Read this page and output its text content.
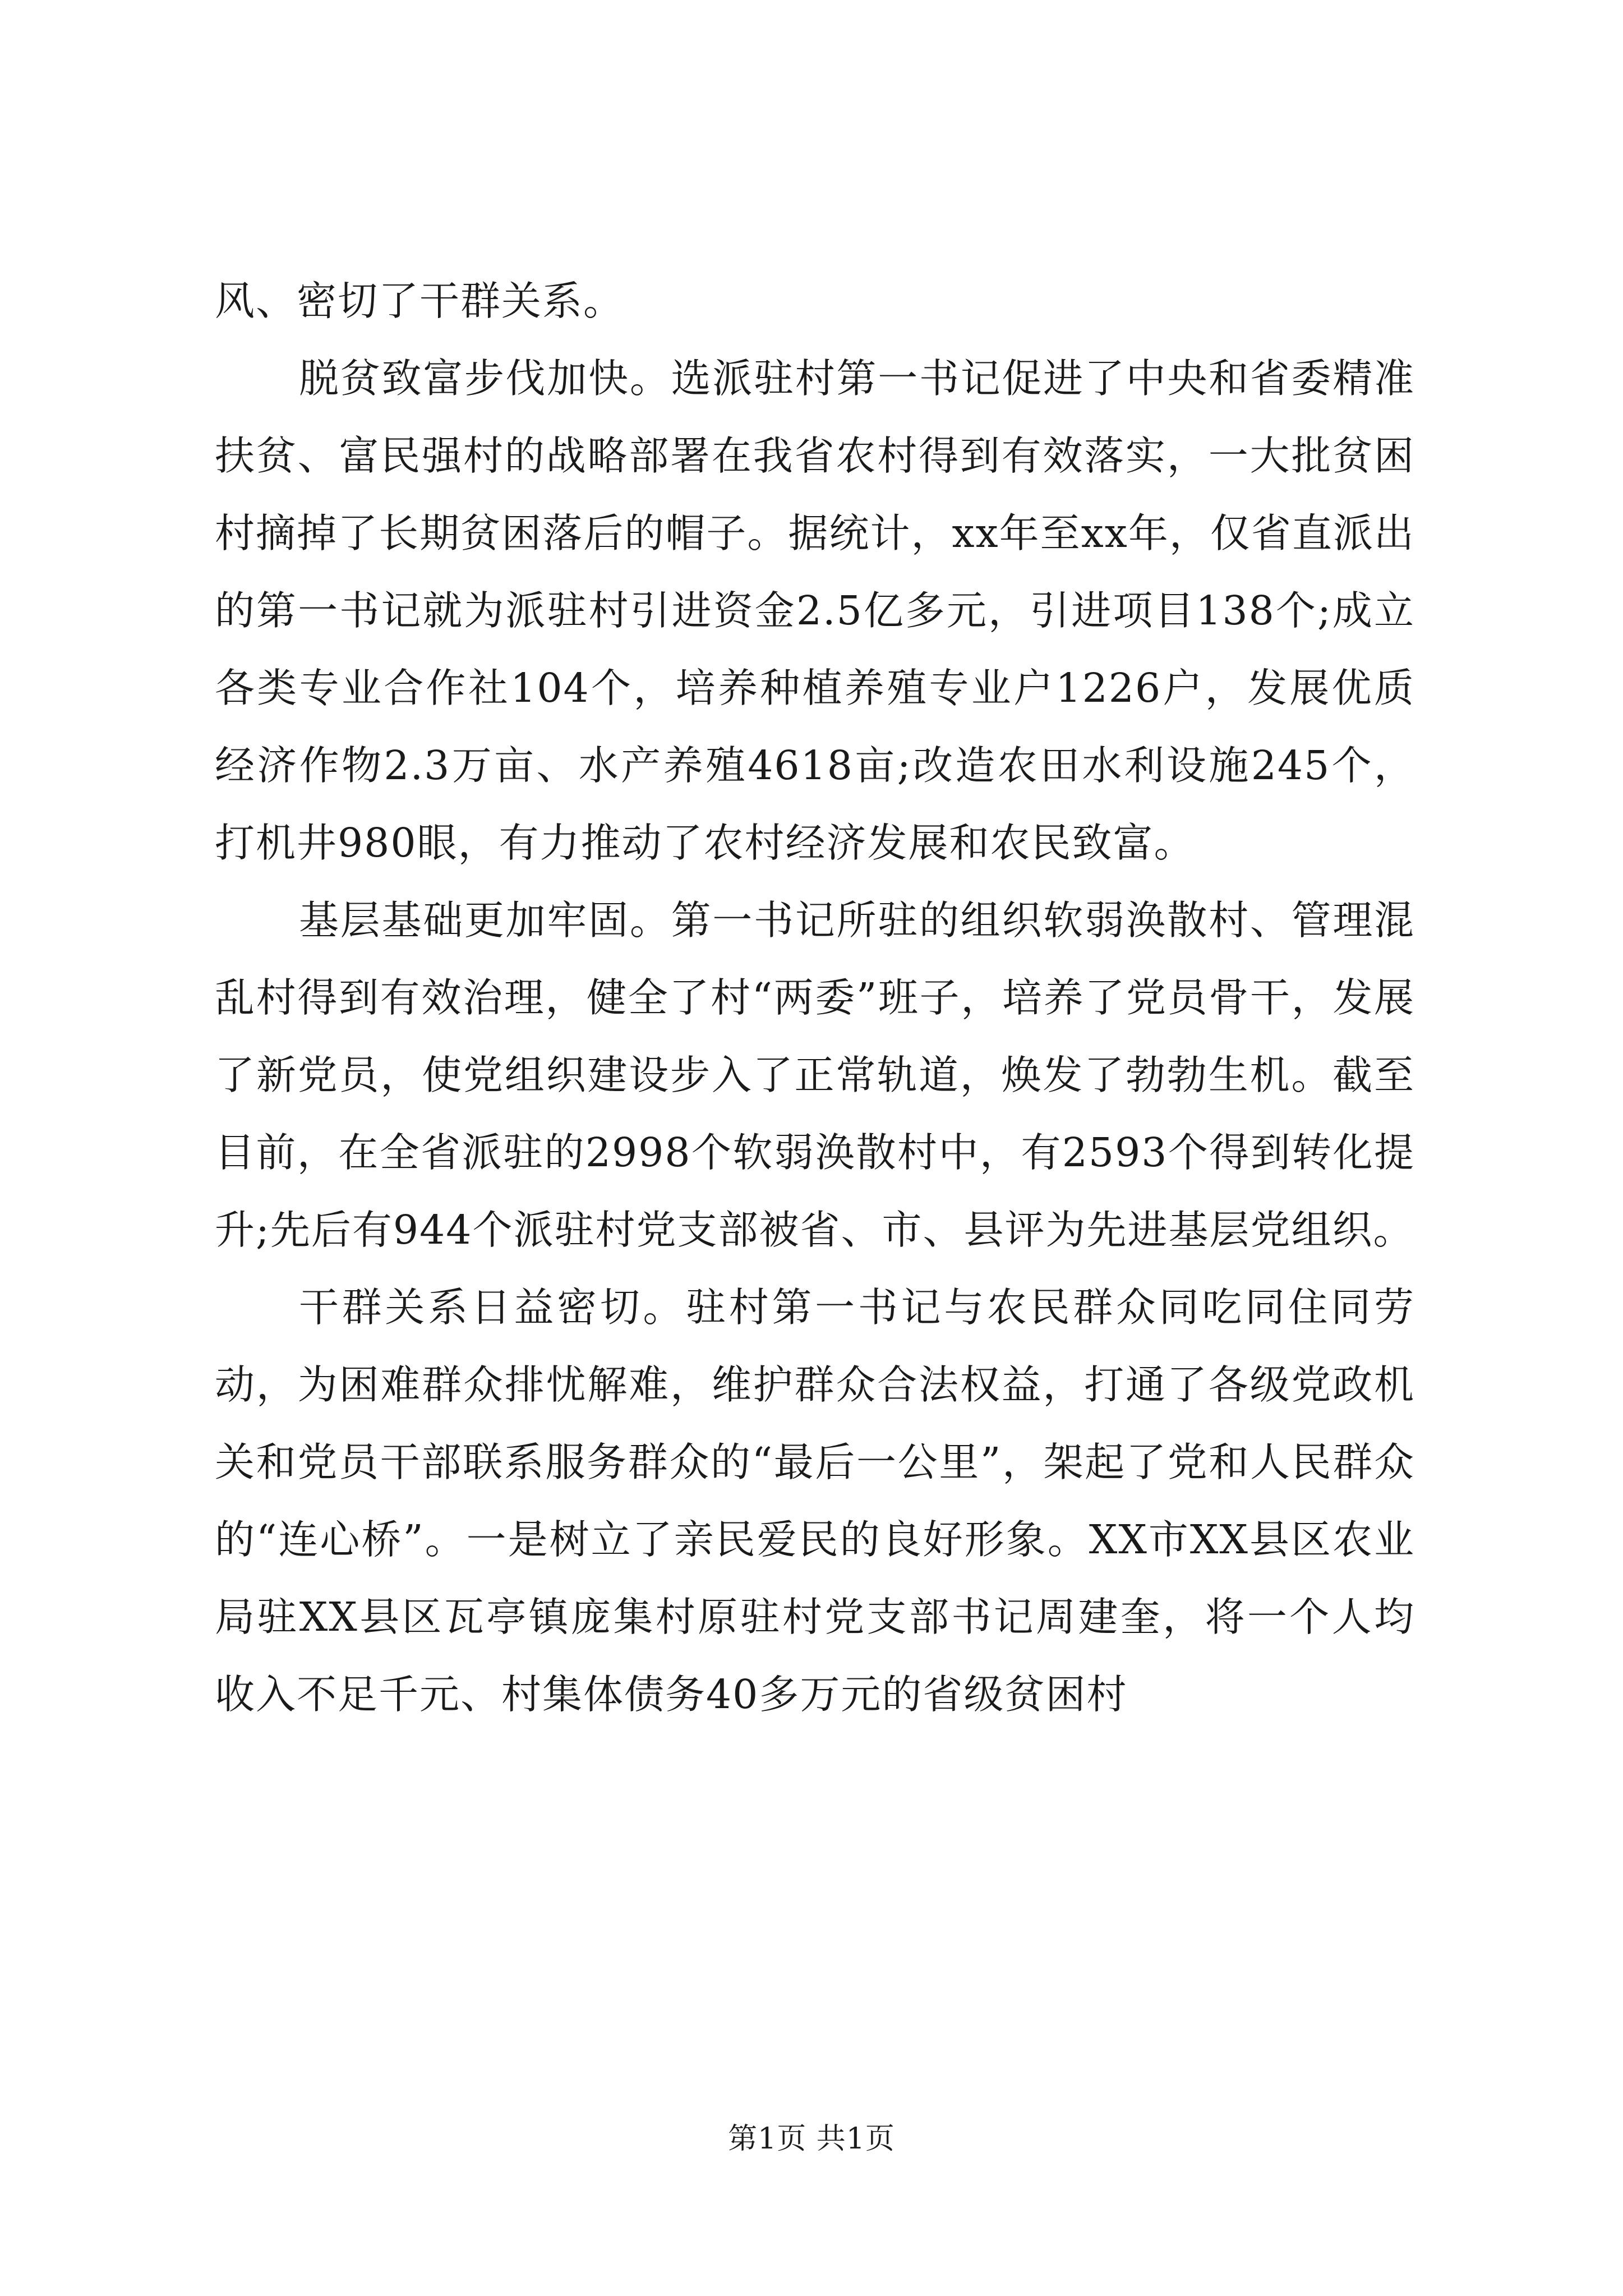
风、密切了干群关系。

脱贫致富步伐加快。选派驻村第一书记促进了中央和省委精准扶贫、富民强村的战略部署在我省农村得到有效落实，一大批贫困村摘掉了长期贫困落后的帽子。据统计，xx年至xx年，仅省直派出的第一书记就为派驻村引进资金2.5亿多元，引进项目138个;成立各类专业合作社104个，培养种植养殖专业户1226户，发展优质经济作物2.3万亩、水产养殖4618亩;改造农田水利设施245个，打机井980眼，有力推动了农村经济发展和农民致富。

基层基础更加牢固。第一书记所驻的组织软弱涣散村、管理混乱村得到有效治理，健全了村“两委”班子，培养了党员骨干，发展了新党员，使党组织建设步入了正常轨道，焕发了勃勃生机。截至目前，在全省派驻的2998个软弱涣散村中，有2593个得到转化提升;先后有944个派驻村党支部被省、市、县评为先进基层党组织。

干群关系日益密切。驻村第一书记与农民群众同吃同住同劳动，为困难群众排忧解难，维护群众合法权益，打通了各级党政机关和党员干部联系服务群众的“最后一公里”，架起了党和人民群众的“连心桥”。一是树立了亲民爱民的良好形象。XX市XX县区农业局驻XX县区瓦亭镇庞集村原驻村党支部书记周建奎，将一个人均收入不足千元、村集体债务40多万元的省级贫困村

第1页 共1页
